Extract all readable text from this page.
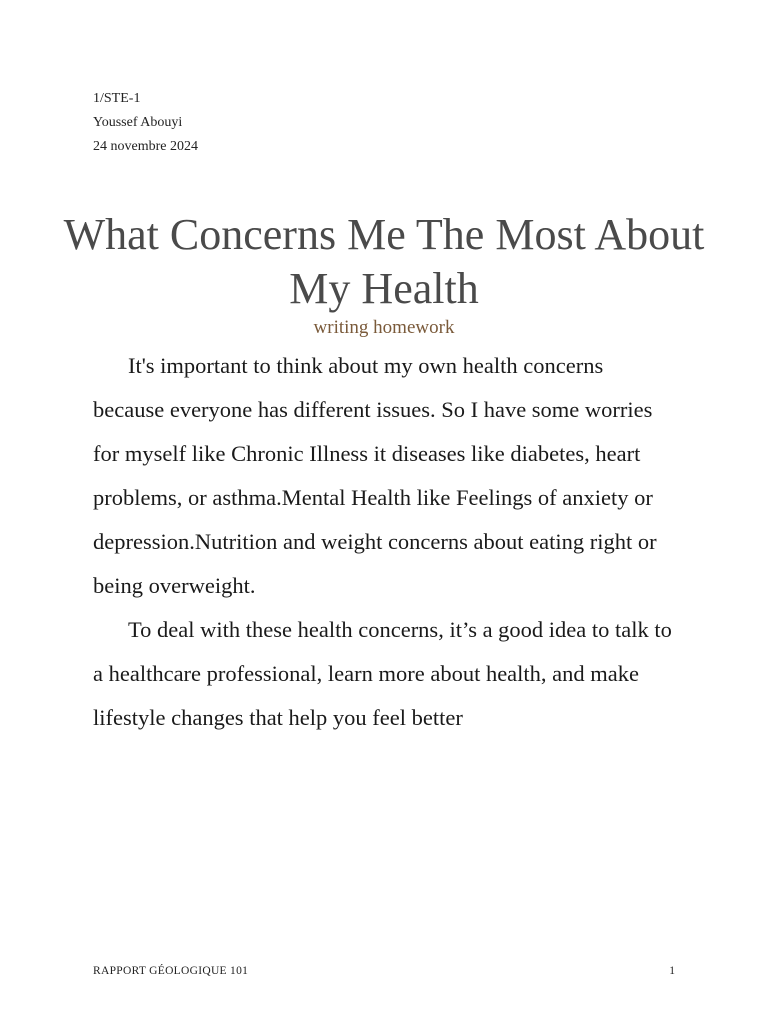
1/STE-1
Youssef Abouyi
24 novembre 2024
What Concerns Me The Most About My Health
writing homework

It's important to think about my own health concerns because everyone has different issues. So I have some worries for myself like Chronic Illness it diseases like diabetes, heart problems, or asthma.Mental Health like Feelings of anxiety or depression.Nutrition and weight concerns about eating right or being overweight.

To deal with these health concerns, it’s a good idea to talk to a healthcare professional, learn more about health, and make lifestyle changes that help you feel better

RAPPORT GÉOLOGIQUE 101	1
